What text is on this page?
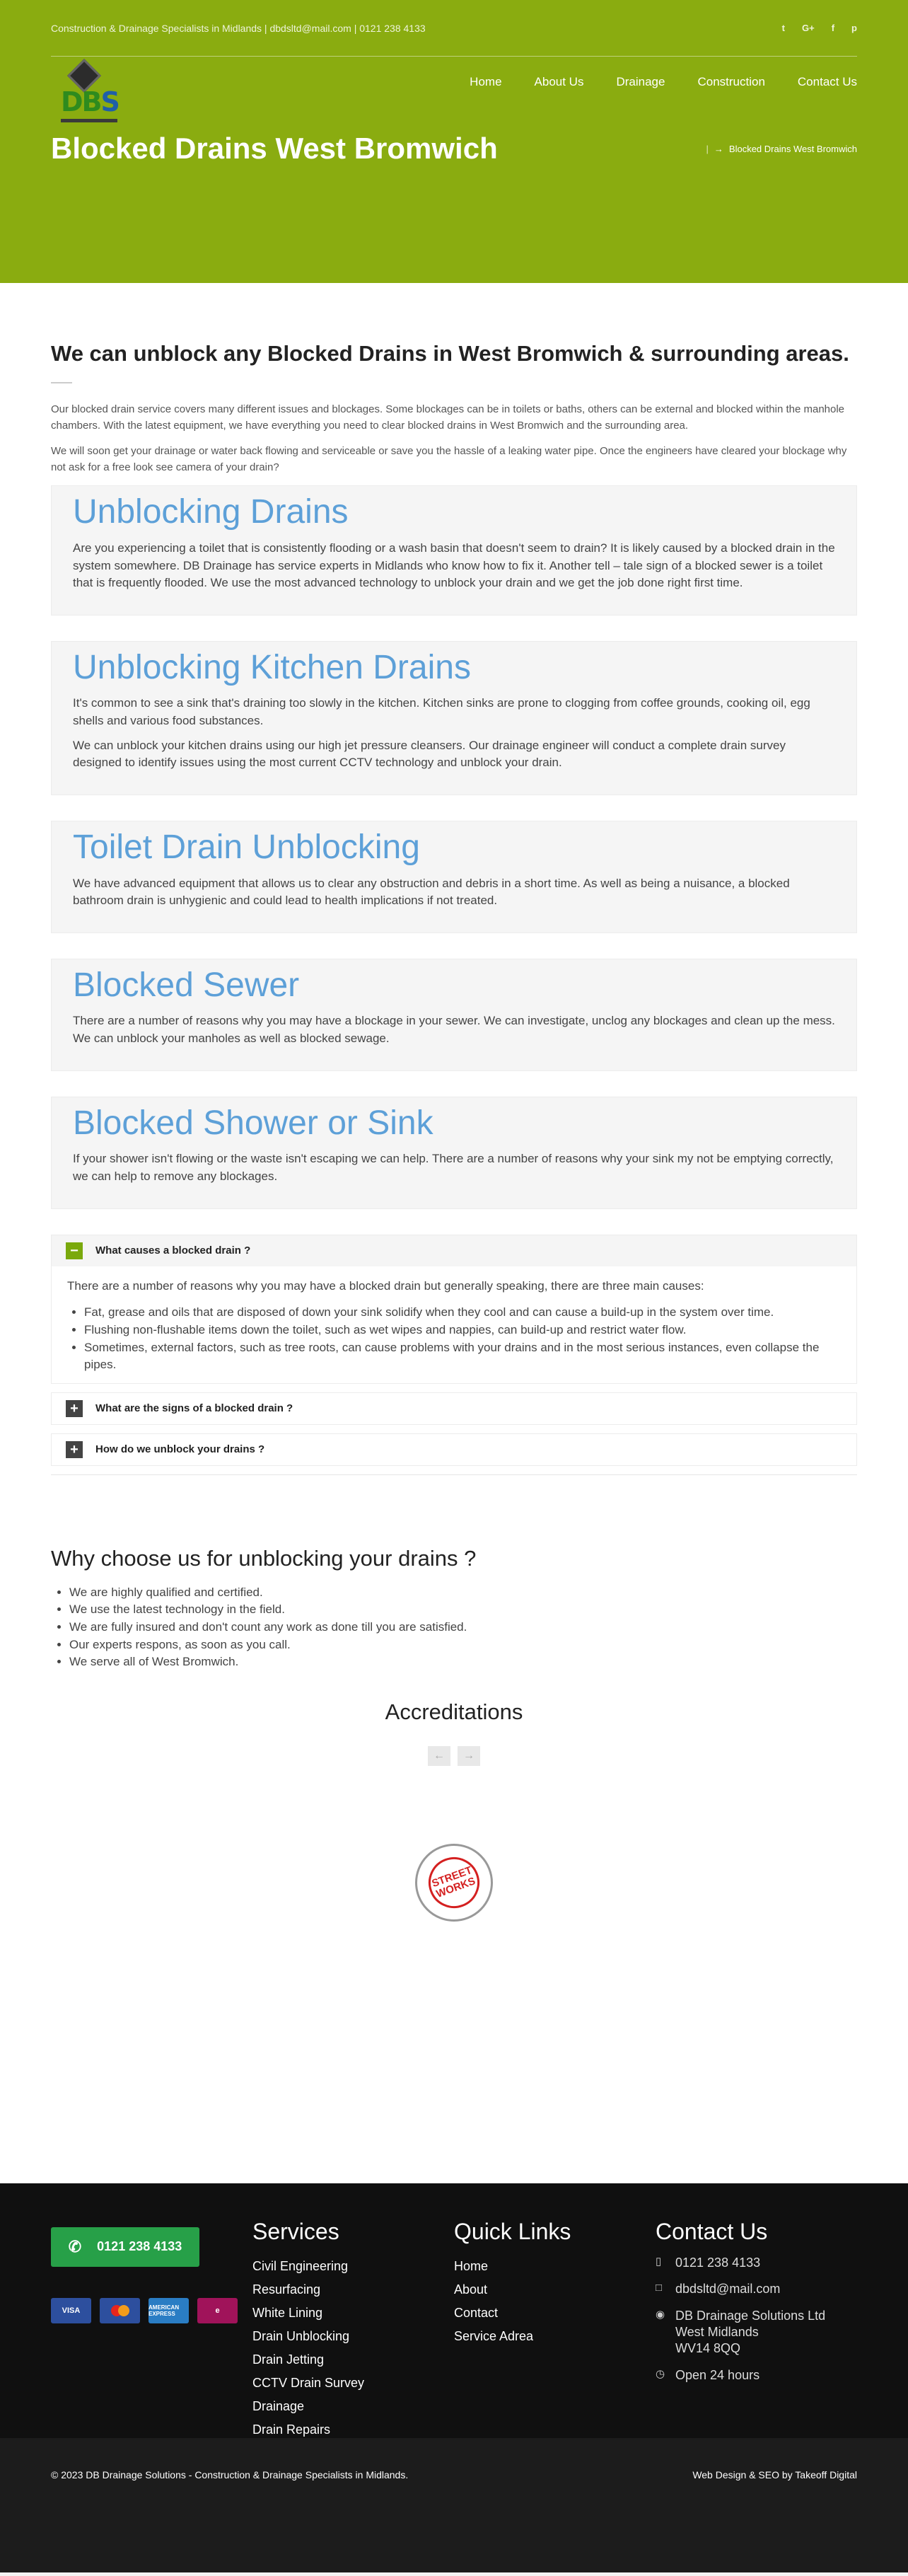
Construction & Drainage Specialists in Midlands | dbdsltd@mail.com | 0121 238 4133	t G+ f p
DBS
Home	About Us	Drainage	Construction	Contact Us
Blocked Drains West Bromwich	| → Blocked Drains West Bromwich
We can unblock any Blocked Drains in West Bromwich & surrounding areas.

Our blocked drain service covers many different issues and blockages. Some blockages can be in toilets or baths, others can be external and blocked within the manhole chambers. With the latest equipment, we have everything you need to clear blocked drains in West Bromwich and the surrounding area.

We will soon get your drainage or water back flowing and serviceable or save you the hassle of a leaking water pipe. Once the engineers have cleared your blockage why not ask for a free look see camera of your drain?

Unblocking Drains

Are you experiencing a toilet that is consistently flooding or a wash basin that doesn't seem to drain? It is likely caused by a blocked drain in the system somewhere. DB Drainage has service experts in Midlands who know how to fix it. Another tell – tale sign of a blocked sewer is a toilet that is frequently flooded. We use the most advanced technology to unblock your drain and we get the job done right first time.

Unblocking Kitchen Drains

It's common to see a sink that's draining too slowly in the kitchen. Kitchen sinks are prone to clogging from coffee grounds, cooking oil, egg shells and various food substances.

We can unblock your kitchen drains using our high jet pressure cleansers. Our drainage engineer will conduct a complete drain survey designed to identify issues using the most current CCTV technology and unblock your drain.

Toilet Drain Unblocking

We have advanced equipment that allows us to clear any obstruction and debris in a short time. As well as being a nuisance, a blocked bathroom drain is unhygienic and could lead to health implications if not treated.

Blocked Sewer

There are a number of reasons why you may have a blockage in your sewer. We can investigate, unclog any blockages and clean up the mess. We can unblock your manholes as well as blocked sewage.

Blocked Shower or Sink

If your shower isn't flowing or the waste isn't escaping we can help. There are a number of reasons why your sink my not be emptying correctly, we can help to remove any blockages.

−	What causes a blocked drain ?

There are a number of reasons why you may have a blocked drain but generally speaking, there are three main causes:

• Fat, grease and oils that are disposed of down your sink solidify when they cool and can cause a build-up in the system over time.
• Flushing non-flushable items down the toilet, such as wet wipes and nappies, can build-up and restrict water flow.
• Sometimes, external factors, such as tree roots, can cause problems with your drains and in the most serious instances, even collapse the pipes.
+	What are the signs of a blocked drain ?
+	How do we unblock your drains ?
Why choose us for unblocking your drains ?
• We are highly qualified and certified.
• We use the latest technology in the field.
• We are fully insured and don't count any work as done till you are satisfied.
• Our experts respons, as soon as you call.
• We serve all of West Bromwich.
Accreditations
←	→
STREET WORKS
✆ 0121 238 4133
VISA	AMERICAN EXPRESS	e
Services
Civil Engineering
Resurfacing
White Lining
Drain Unblocking
Drain Jetting
CCTV Drain Survey
Drainage
Drain Repairs
Quick Links
Home
About
Contact
Service Adrea
Contact Us
▯	0121 238 4133
□	dbdsltd@mail.com
◉ DB Drainage Solutions Ltd
West Midlands
WV14 8QQ
◷ Open 24 hours
© 2023 DB Drainage Solutions - Construction & Drainage Specialists in Midlands.	Web Design & SEO by Takeoff Digital
